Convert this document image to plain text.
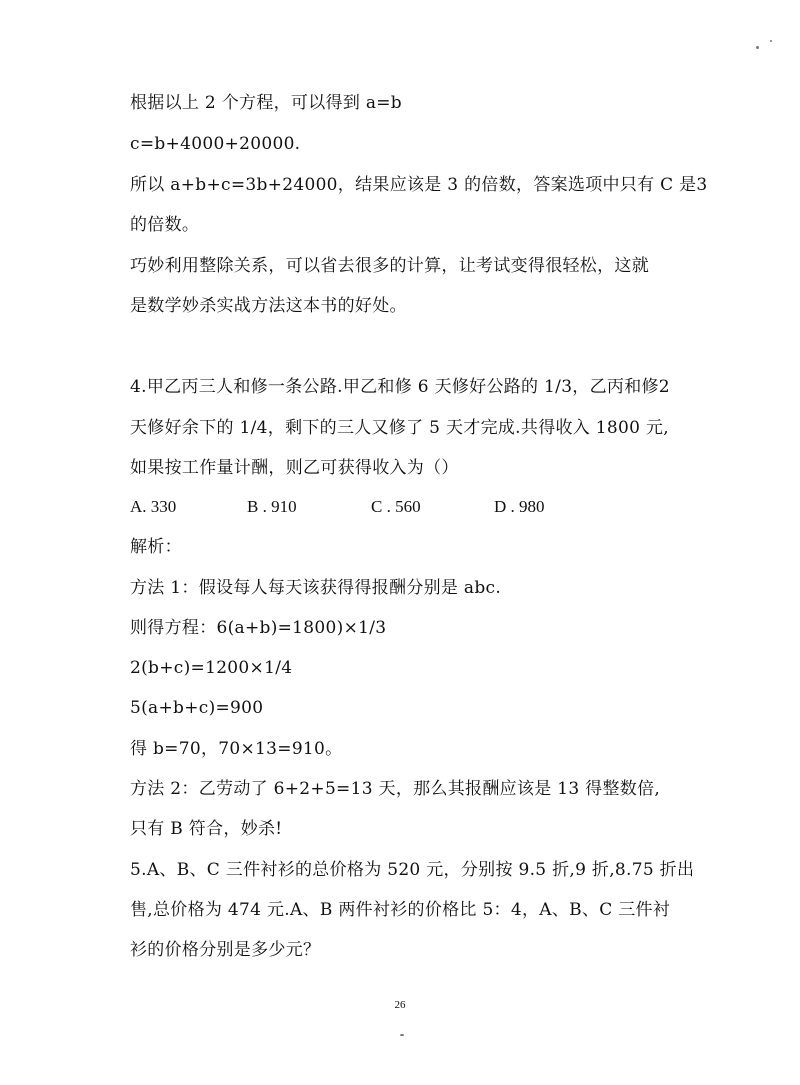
根据以上 2 个方程，可以得到 a=b
c=b+4000+20000.
所以 a+b+c=3b+24000，结果应该是 3 的倍数，答案选项中只有 C 是3
的倍数。
巧妙利用整除关系，可以省去很多的计算，让考试变得很轻松，这就
是数学妙杀实战方法这本书的好处。
4.甲乙丙三人和修一条公路.甲乙和修 6 天修好公路的 1/3，乙丙和修2
天修好余下的 1/4，剩下的三人又修了 5 天才完成.共得收入 1800 元,
如果按工作量计酬，则乙可获得收入为（）
A. 330	B . 910	C . 560	D . 980
解析：
方法 1：假设每人每天该获得得报酬分别是 abc.
则得方程：6(a+b)=1800)×1/3
2(b+c)=1200×1/4
5(a+b+c)=900
得 b=70，70×13=910。
方法 2：乙劳动了 6+2+5=13 天，那么其报酬应该是 13 得整数倍,
只有 B 符合，妙杀!
5.A、B、C 三件衬衫的总价格为 520 元，分别按 9.5 折,9 折,8.75 折出
售,总价格为 474 元.A、B 两件衬衫的价格比 5：4，A、B、C 三件衬
衫的价格分别是多少元？
26
